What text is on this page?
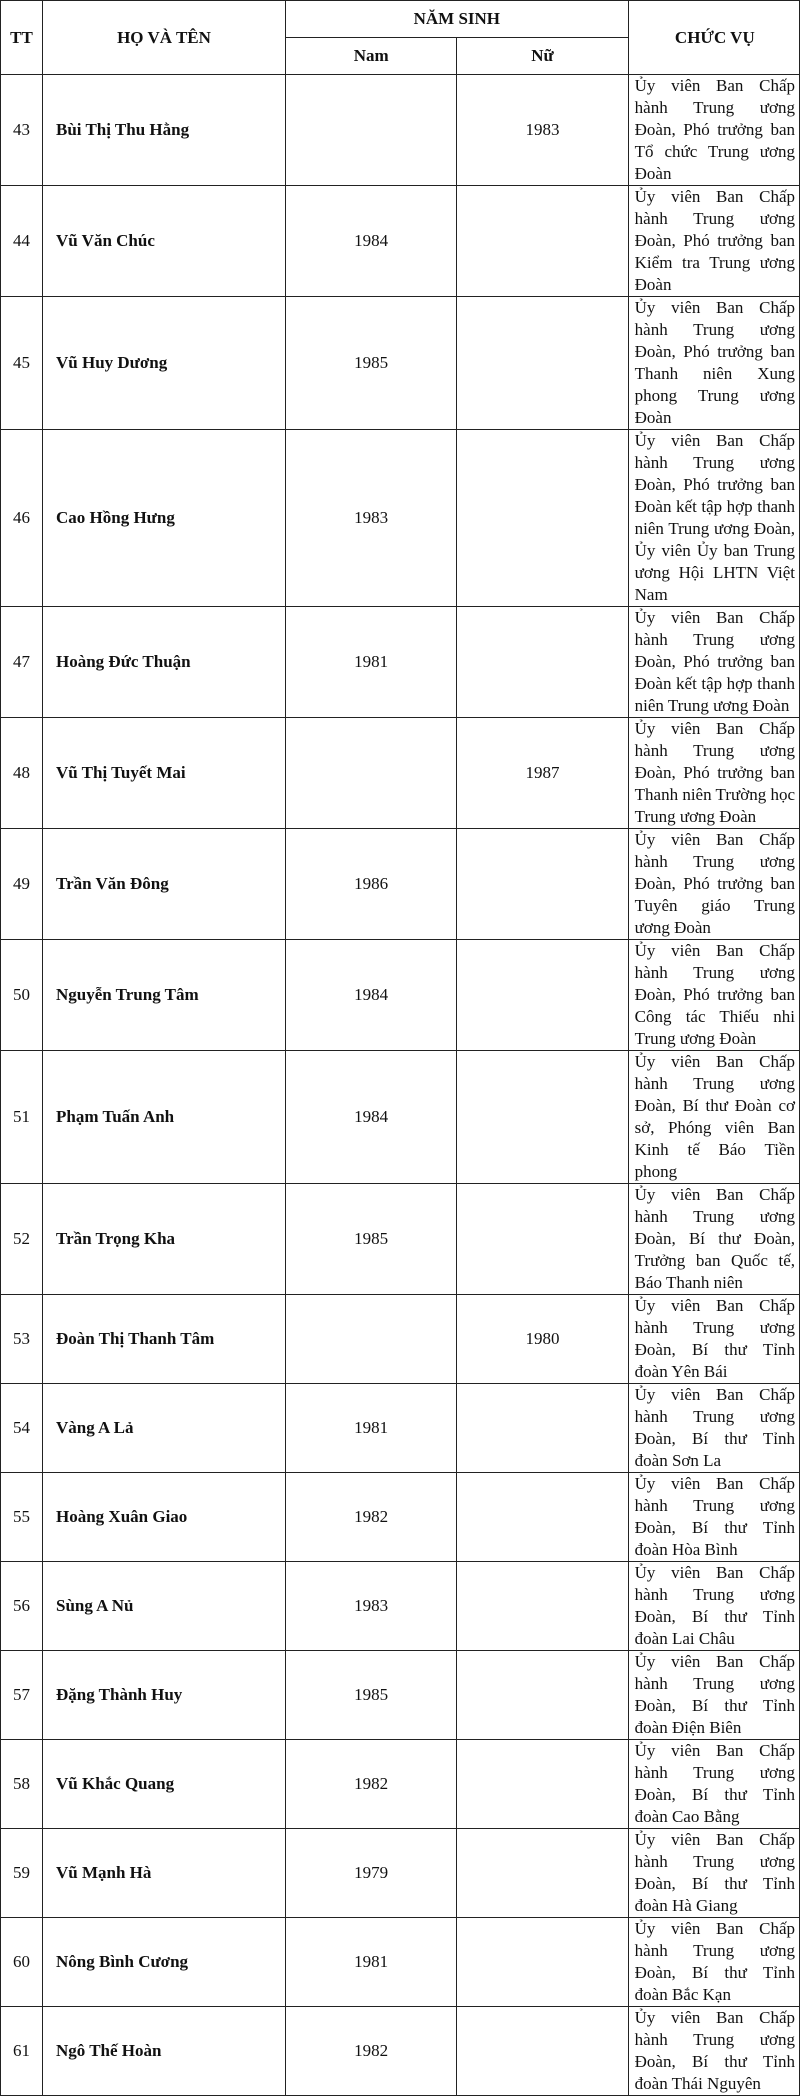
TT	HỌ VÀ TÊN	NĂM SINH		CHỨC VỤ
		Nam	Nữ	
43	Bùi Thị Thu Hằng		1983	Ủy viên Ban Chấp hành Trung ương Đoàn, Phó trưởng ban Tổ chức Trung ương Đoàn
44	Vũ Văn Chúc	1984		Ủy viên Ban Chấp hành Trung ương Đoàn, Phó trưởng ban Kiểm tra Trung ương Đoàn
45	Vũ Huy Dương	1985		Ủy viên Ban Chấp hành Trung ương Đoàn, Phó trưởng ban Thanh niên Xung phong Trung ương Đoàn
46	Cao Hồng Hưng	1983		Ủy viên Ban Chấp hành Trung ương Đoàn, Phó trưởng ban Đoàn kết tập hợp thanh niên Trung ương Đoàn, Ủy viên Ủy ban Trung ương Hội LHTN Việt Nam
47	Hoàng Đức Thuận	1981		Ủy viên Ban Chấp hành Trung ương Đoàn, Phó trưởng ban Đoàn kết tập hợp thanh niên Trung ương Đoàn
48	Vũ Thị Tuyết Mai		1987	Ủy viên Ban Chấp hành Trung ương Đoàn, Phó trưởng ban Thanh niên Trường học Trung ương Đoàn
49	Trần Văn Đông	1986		Ủy viên Ban Chấp hành Trung ương Đoàn, Phó trưởng ban Tuyên giáo Trung ương Đoàn
50	Nguyễn Trung Tâm	1984		Ủy viên Ban Chấp hành Trung ương Đoàn, Phó trưởng ban Công tác Thiếu nhi Trung ương Đoàn
51	Phạm Tuấn Anh	1984		Ủy viên Ban Chấp hành Trung ương Đoàn, Bí thư Đoàn cơ sở, Phóng viên Ban Kinh tế Báo Tiền phong
52	Trần Trọng Kha	1985		Ủy viên Ban Chấp hành Trung ương Đoàn, Bí thư Đoàn, Trưởng ban Quốc tế, Báo Thanh niên
53	Đoàn Thị Thanh Tâm		1980	Ủy viên Ban Chấp hành Trung ương Đoàn, Bí thư Tỉnh đoàn Yên Bái
54	Vàng A Lả	1981		Ủy viên Ban Chấp hành Trung ương Đoàn, Bí thư Tỉnh đoàn Sơn La
55	Hoàng Xuân Giao	1982		Ủy viên Ban Chấp hành Trung ương Đoàn, Bí thư Tỉnh đoàn Hòa Bình
56	Sùng A Nủ	1983		Ủy viên Ban Chấp hành Trung ương Đoàn, Bí thư Tỉnh đoàn Lai Châu
57	Đặng Thành Huy	1985		Ủy viên Ban Chấp hành Trung ương Đoàn, Bí thư Tỉnh đoàn Điện Biên
58	Vũ Khắc Quang	1982		Ủy viên Ban Chấp hành Trung ương Đoàn, Bí thư Tỉnh đoàn Cao Bằng
59	Vũ Mạnh Hà	1979		Ủy viên Ban Chấp hành Trung ương Đoàn, Bí thư Tỉnh đoàn Hà Giang
60	Nông Bình Cương	1981		Ủy viên Ban Chấp hành Trung ương Đoàn, Bí thư Tỉnh đoàn Bắc Kạn
61	Ngô Thế Hoàn	1982		Ủy viên Ban Chấp hành Trung ương Đoàn, Bí thư Tỉnh đoàn Thái Nguyên
